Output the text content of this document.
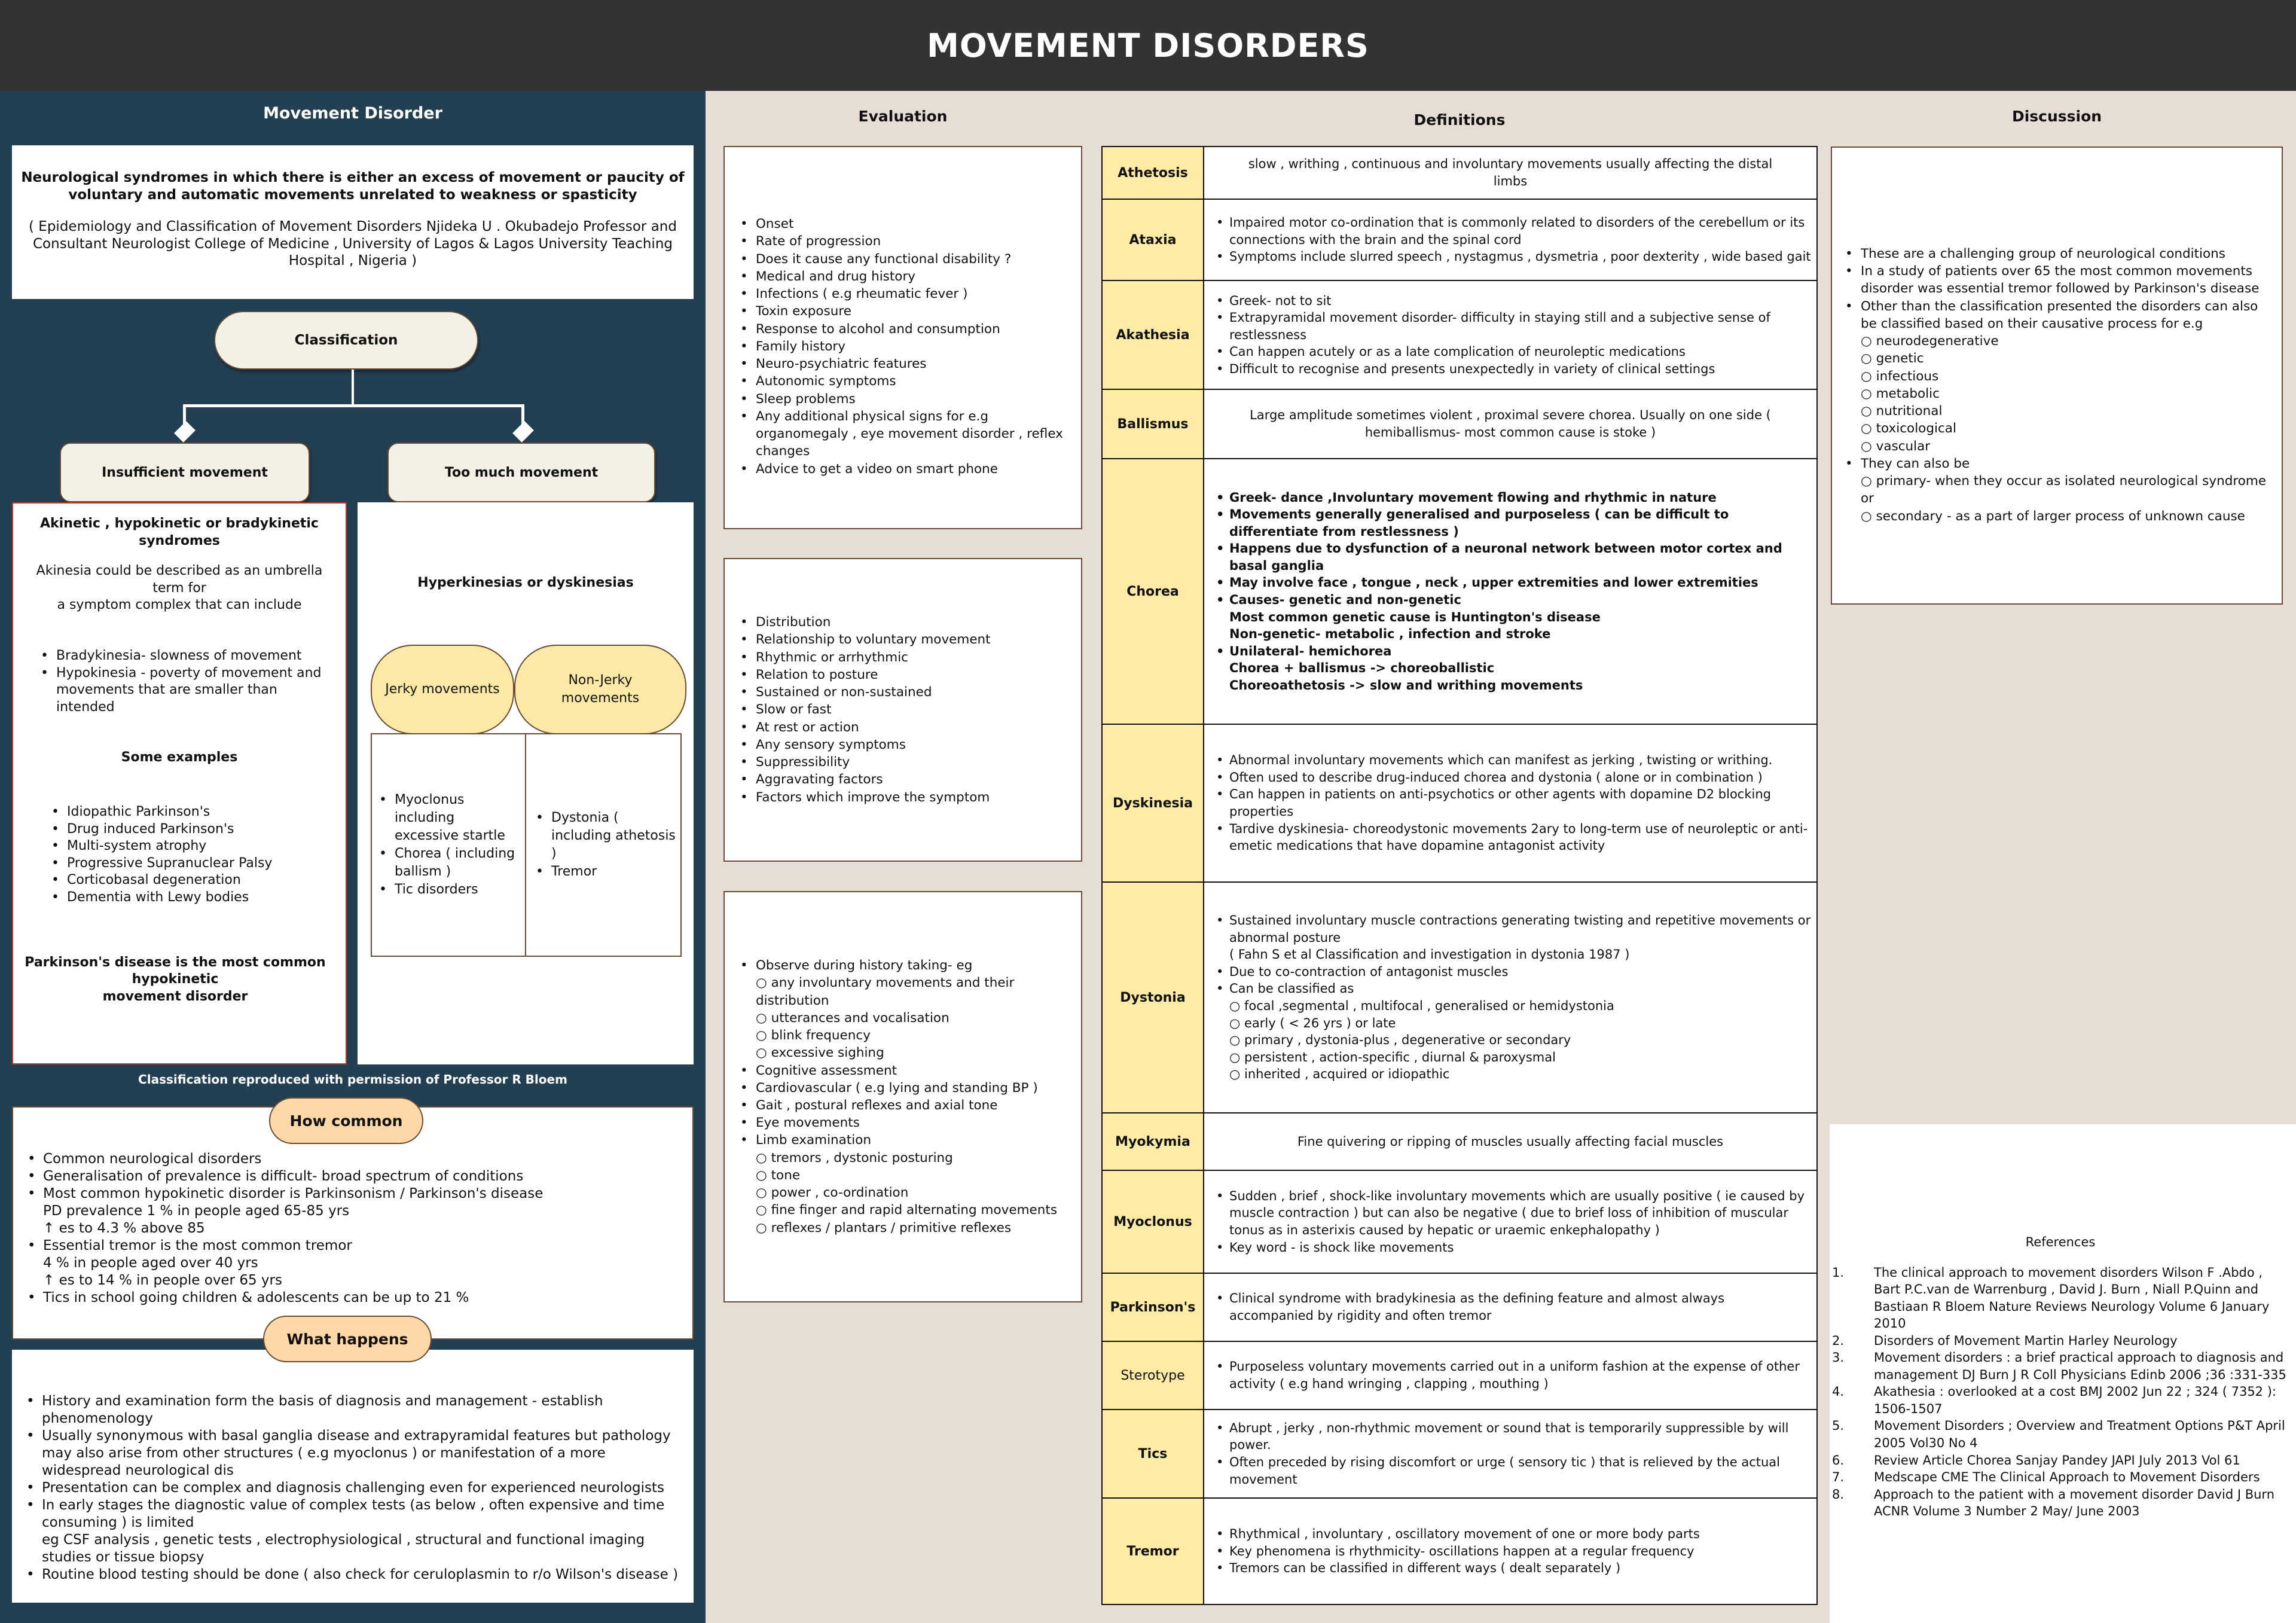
MOVEMENT DISORDERS
Movement Disorder
Neurological syndromes in which there is either an excess of movement or paucity of voluntary and automatic movements unrelated to weakness or spasticity
( Epidemiology and Classification of Movement Disorders Njideka U . Okubadejo Professor and Consultant Neurologist College of Medicine , University of Lagos & Lagos University Teaching Hospital , Nigeria )
Classification
Insufficient movement	Too much movement
Akinetic , hypokinetic or bradykinetic syndromes
Akinesia could be described as an umbrella term for
a symptom complex that can include
• Bradykinesia- slowness of movement
• Hypokinesia - poverty of movement and movements that are smaller than intended
Some examples
• Idiopathic Parkinson's
• Drug induced Parkinson's
• Multi-system atrophy
• Progressive Supranuclear Palsy
• Corticobasal degeneration
• Dementia with Lewy bodies
Parkinson's disease is the most common
hypokinetic
movement disorder
Hyperkinesias or dyskinesias
Jerky movements
Non-Jerky movements
• Myoclonus including excessive startle
• Chorea ( including ballism )
• Tic disorders
• Dystonia ( including athetosis )
• Tremor
Classification reproduced with permission of Professor R Bloem
• Common neurological disorders
• Generalisation of prevalence is difficult- broad spectrum of conditions
• Most common hypokinetic disorder is Parkinsonism / Parkinson's disease
PD prevalence 1 % in people aged 65-85 yrs
↑ es to 4.3 % above 85
• Essential tremor is the most common tremor
4 % in people aged over 40 yrs
↑ es to 14 % in people over 65 yrs
• Tics in school going children & adolescents can be up to 21 %
How common
• History and examination form the basis of diagnosis and management - establish phenomenology
• Usually synonymous with basal ganglia disease and extrapyramidal features but pathology may also arise from other structures ( e.g myoclonus ) or manifestation of a more widespread neurological dis
• Presentation can be complex and diagnosis challenging even for experienced neurologists
• In early stages the diagnostic value of complex tests (as below , often expensive and time consuming ) is limited
eg CSF analysis , genetic tests , electrophysiological , structural and functional imaging studies or tissue biopsy
• Routine blood testing should be done ( also check for ceruloplasmin to r/o Wilson's disease )
What happens
Evaluation
• Onset
• Rate of progression
• Does it cause any functional disability ?
• Medical and drug history
• Infections ( e.g rheumatic fever )
• Toxin exposure
• Response to alcohol and consumption
• Family history
• Neuro-psychiatric features
• Autonomic symptoms
• Sleep problems
• Any additional physical signs for e.g organomegaly , eye movement disorder , reflex changes
• Advice to get a video on smart phone
• Distribution
• Relationship to voluntary movement
• Rhythmic or arrhythmic
• Relation to posture
• Sustained or non-sustained
• Slow or fast
• At rest or action
• Any sensory symptoms
• Suppressibility
• Aggravating factors
• Factors which improve the symptom
• Observe during history taking- eg
○ any involuntary movements and their distribution
○ utterances and vocalisation
○ blink frequency
○ excessive sighing
• Cognitive assessment
• Cardiovascular ( e.g lying and standing BP )
• Gait , postural reflexes and axial tone
• Eye movements
• Limb examination
○ tremors , dystonic posturing
○ tone
○ power , co-ordination
○ fine finger and rapid alternating movements
○ reflexes / plantars / primitive reflexes
Definitions
Athetosis	slow , writhing , continuous and involuntary movements usually affecting the distal limbs
Ataxia	
• Impaired motor co-ordination that is commonly related to disorders of the cerebellum or its connections with the brain and the spinal cord
• Symptoms include slurred speech , nystagmus , dysmetria , poor dexterity , wide based gait

Akathesia	
• Greek- not to sit
• Extrapyramidal movement disorder- difficulty in staying still and a subjective sense of restlessness
• Can happen acutely or as a late complication of neuroleptic medications
• Difficult to recognise and presents unexpectedly in variety of clinical settings

Ballismus	Large amplitude sometimes violent , proximal severe chorea. Usually on one side ( hemiballismus- most common cause is stoke )
Chorea	
• Greek- dance ,Involuntary movement flowing and rhythmic in nature
• Movements generally generalised and purposeless ( can be difficult to differentiate from restlessness )
• Happens due to dysfunction of a neuronal network between motor cortex and basal ganglia
• May involve face , tongue , neck , upper extremities and lower extremities
• Causes- genetic and non-genetic
Most common genetic cause is Huntington's disease
Non-genetic- metabolic , infection and stroke
• Unilateral- hemichorea
Chorea + ballismus -> choreoballistic
Choreoathetosis -> slow and writhing movements

Dyskinesia	
• Abnormal involuntary movements which can manifest as jerking , twisting or writhing.
• Often used to describe drug-induced chorea and dystonia ( alone or in combination )
• Can happen in patients on anti-psychotics or other agents with dopamine D2 blocking properties
• Tardive dyskinesia- choreodystonic movements 2ary to long-term use of neuroleptic or anti-emetic medications that have dopamine antagonist activity

Dystonia	
• Sustained involuntary muscle contractions generating twisting and repetitive movements or abnormal posture
( Fahn S et al Classification and investigation in dystonia 1987 )
• Due to co-contraction of antagonist muscles
• Can be classified as
○ focal ,segmental , multifocal , generalised or hemidystonia
○ early ( < 26 yrs ) or late
○ primary , dystonia-plus , degenerative or secondary
○ persistent , action-specific , diurnal & paroxysmal
○ inherited , acquired or idiopathic

Myokymia	Fine quivering or ripping of muscles usually affecting facial muscles
Myoclonus	
• Sudden , brief , shock-like involuntary movements which are usually positive ( ie caused by muscle contraction ) but can also be negative ( due to brief loss of inhibition of muscular tonus as in asterixis caused by hepatic or uraemic enkephalopathy )
• Key word - is shock like movements

Parkinson's	
• Clinical syndrome with bradykinesia as the defining feature and almost always accompanied by rigidity and often tremor

Sterotype	
• Purposeless voluntary movements carried out in a uniform fashion at the expense of other activity ( e.g hand wringing , clapping , mouthing )

Tics	
• Abrupt , jerky , non-rhythmic movement or sound that is temporarily suppressible by will power.
• Often preceded by rising discomfort or urge ( sensory tic ) that is relieved by the actual movement

Tremor	
• Rhythmical , involuntary , oscillatory movement of one or more body parts
• Key phenomena is rhythmicity- oscillations happen at a regular frequency
• Tremors can be classified in different ways ( dealt separately )
Discussion
• These are a challenging group of neurological conditions
• In a study of patients over 65 the most common movements disorder was essential tremor followed by Parkinson's disease
• Other than the classification presented the disorders can also be classified based on their causative process for e.g
○ neurodegenerative
○ genetic
○ infectious
○ metabolic
○ nutritional
○ toxicological
○ vascular
• They can also be
○ primary- when they occur as isolated neurological syndrome or
○ secondary - as a part of larger process of unknown cause
References
1.	The clinical approach to movement disorders Wilson F .Abdo , Bart P.C.van de Warrenburg , David J. Burn , Niall P.Quinn and Bastiaan R Bloem Nature Reviews Neurology Volume 6 January 2010
2.	Disorders of Movement Martin Harley Neurology
3.	Movement disorders : a brief practical approach to diagnosis and management DJ Burn J R Coll Physicians Edinb 2006 ;36 :331-335
4.	Akathesia : overlooked at a cost BMJ 2002 Jun 22 ; 324 ( 7352 ): 1506-1507
5.	Movement Disorders ; Overview and Treatment Options P&T April 2005 Vol30 No 4
6.	Review Article Chorea Sanjay Pandey JAPI July 2013 Vol 61
7.	Medscape CME The Clinical Approach to Movement Disorders
8.	Approach to the patient with a movement disorder David J Burn ACNR Volume 3 Number 2 May/ June 2003
